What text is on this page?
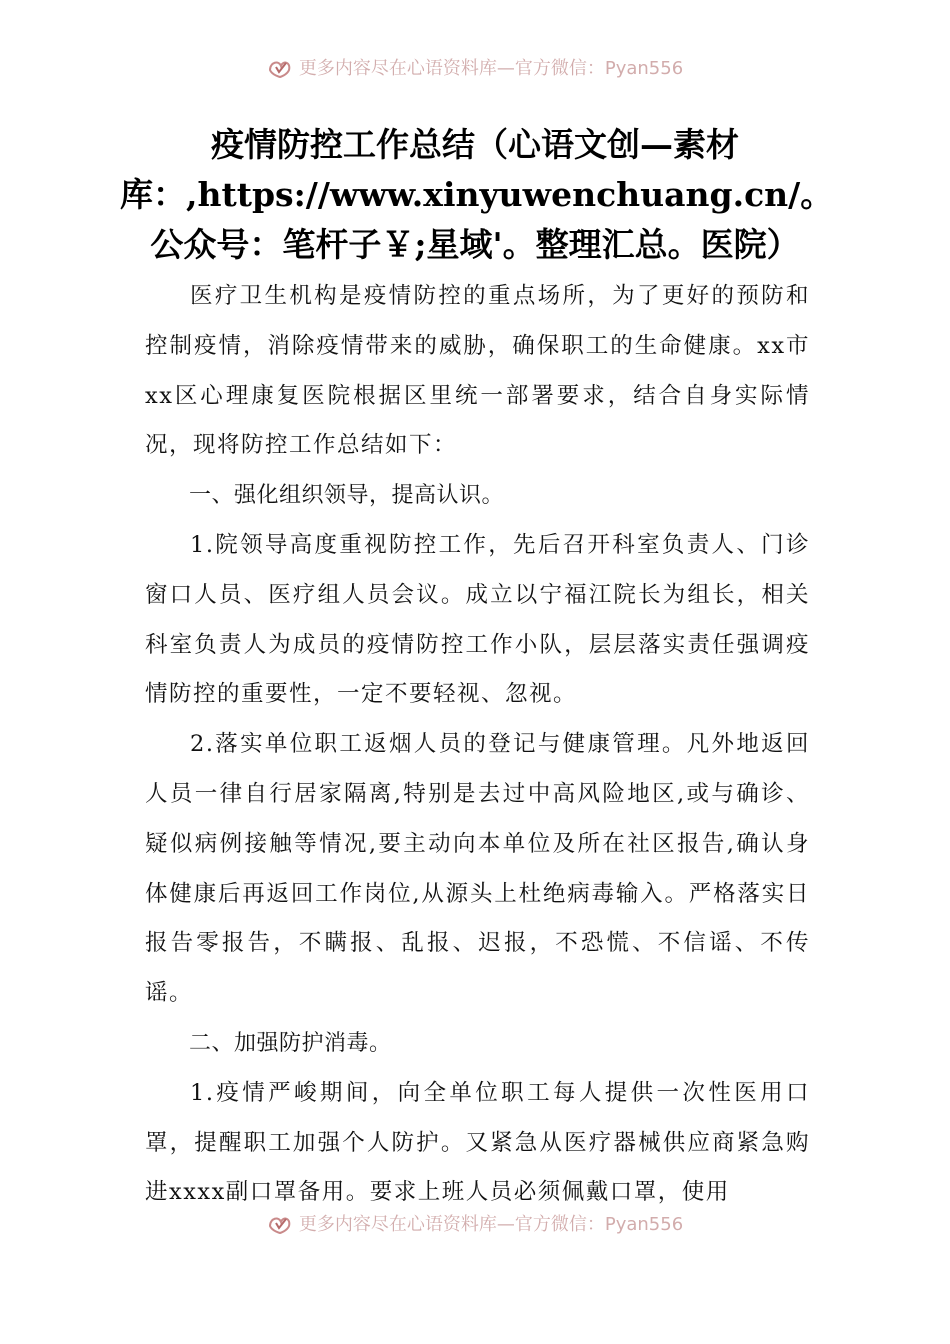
更多内容尽在心语资料库—官方微信：Pyan556
疫情防控工作总结（心语文创—素材库：,https://www.xinyuwenchuang.cn/。公众号：笔杆子￥;星域'。整理汇总。医院）

医疗卫生机构是疫情防控的重点场所，为了更好的预防和控制疫情，消除疫情带来的威胁，确保职工的生命健康。xx市xx区心理康复医院根据区里统一部署要求，结合自身实际情况，现将防控工作总结如下：

一、强化组织领导，提高认识。

1.院领导高度重视防控工作，先后召开科室负责人、门诊窗口人员、医疗组人员会议。成立以宁福江院长为组长，相关科室负责人为成员的疫情防控工作小队，层层落实责任强调疫情防控的重要性，一定不要轻视、忽视。

2.落实单位职工返烟人员的登记与健康管理。凡外地返回人员一律自行居家隔离,特别是去过中高风险地区,或与确诊、疑似病例接触等情况,要主动向本单位及所在社区报告,确认身体健康后再返回工作岗位,从源头上杜绝病毒输入。严格落实日报告零报告，不瞒报、乱报、迟报，不恐慌、不信谣、不传谣。

二、加强防护消毒。

1.疫情严峻期间，向全单位职工每人提供一次性医用口罩，提醒职工加强个人防护。又紧急从医疗器械供应商紧急购进xxxx副口罩备用。要求上班人员必须佩戴口罩，使用

更多内容尽在心语资料库—官方微信：Pyan556
